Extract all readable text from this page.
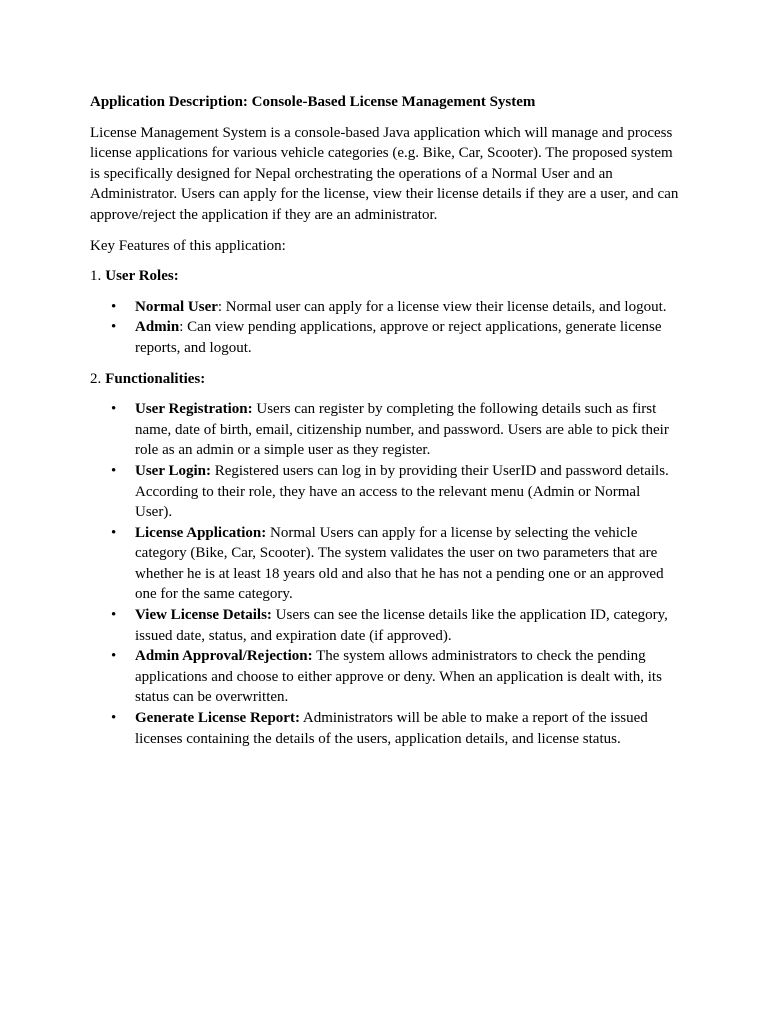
Application Description: Console-Based License Management System

License Management System is a console-based Java application which will manage and process license applications for various vehicle categories (e.g. Bike, Car, Scooter). The proposed system is specifically designed for Nepal orchestrating the operations of a Normal User and an Administrator. Users can apply for the license, view their license details if they are a user, and can approve/reject the application if they are an administrator.

Key Features of this application:

1. User Roles:

• Normal User: Normal user can apply for a license view their license details, and logout.
• Admin: Can view pending applications, approve or reject applications, generate license reports, and logout.

2. Functionalities:

• User Registration: Users can register by completing the following details such as first name, date of birth, email, citizenship number, and password. Users are able to pick their role as an admin or a simple user as they register.
• User Login: Registered users can log in by providing their UserID and password details. According to their role, they have an access to the relevant menu (Admin or Normal User).
• License Application: Normal Users can apply for a license by selecting the vehicle category (Bike, Car, Scooter). The system validates the user on two parameters that are whether he is at least 18 years old and also that he has not a pending one or an approved one for the same category.
• View License Details: Users can see the license details like the application ID, category, issued date, status, and expiration date (if approved).
• Admin Approval/Rejection: The system allows administrators to check the pending applications and choose to either approve or deny. When an application is dealt with, its status can be overwritten.
• Generate License Report: Administrators will be able to make a report of the issued licenses containing the details of the users, application details, and license status.
